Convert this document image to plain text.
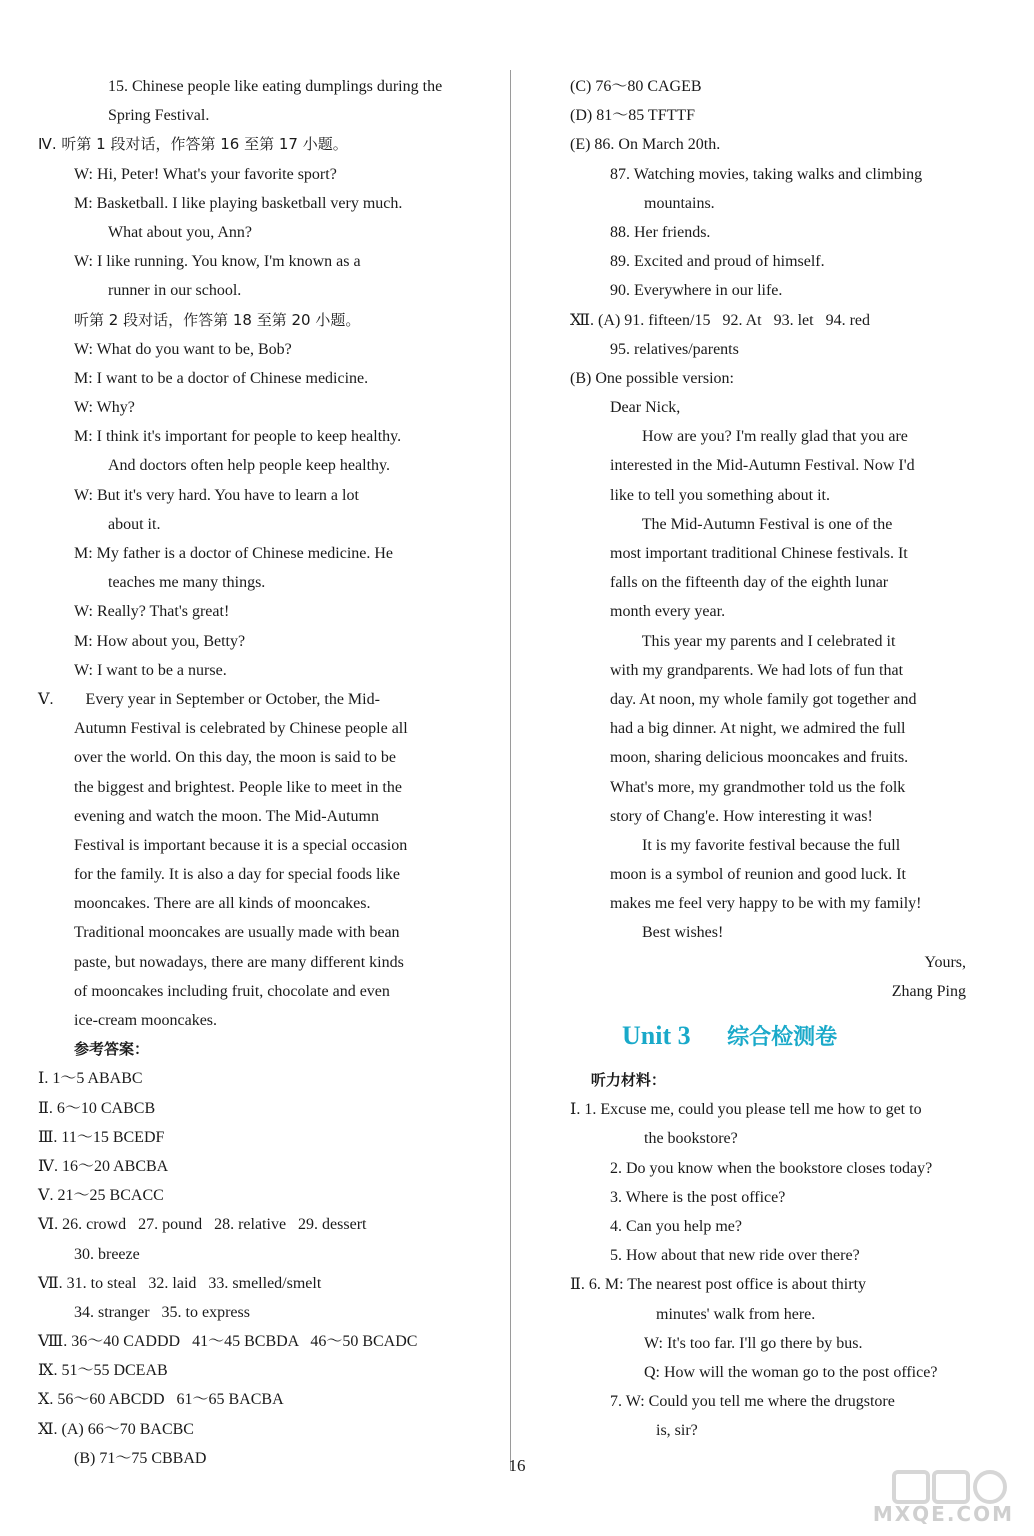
15. Chinese people like eating dumplings during the
Spring Festival.
Ⅳ. 听第 1 段对话，作答第 16 至第 17 小题。
W: Hi, Peter! What's your favorite sport?
M: Basketball. I like playing basketball very much.
What about you, Ann?
W: I like running. You know, I'm known as a
runner in our school.
听第 2 段对话，作答第 18 至第 20 小题。
W: What do you want to be, Bob?
M: I want to be a doctor of Chinese medicine.
W: Why?
M: I think it's important for people to keep healthy.
And doctors often help people keep healthy.
W: But it's very hard. You have to learn a lot
about it.
M: My father is a doctor of Chinese medicine. He
teaches me many things.
W: Really? That's great!
M: How about you, Betty?
W: I want to be a nurse.
Ⅴ.        Every year in September or October, the Mid-
Autumn Festival is celebrated by Chinese people all
over the world. On this day, the moon is said to be
the biggest and brightest. People like to meet in the
evening and watch the moon. The Mid-Autumn
Festival is important because it is a special occasion
for the family. It is also a day for special foods like
mooncakes. There are all kinds of mooncakes.
Traditional mooncakes are usually made with bean
paste, but nowadays, there are many different kinds
of mooncakes including fruit, chocolate and even
ice-cream mooncakes.
参考答案：
Ⅰ. 1～5 ABABC
Ⅱ. 6～10 CABCB
Ⅲ. 11～15 BCEDF
Ⅳ. 16～20 ABCBA
Ⅴ. 21～25 BCACC
Ⅵ. 26. crowd   27. pound   28. relative   29. dessert
30. breeze
Ⅶ. 31. to steal   32. laid   33. smelled/smelt
34. stranger   35. to express
Ⅷ. 36～40 CADDD   41～45 BCBDA   46～50 BCADC
Ⅸ. 51～55 DCEAB
Ⅹ. 56～60 ABCDD   61～65 BACBA
Ⅺ. (A) 66～70 BACBC
(B) 71～75 CBBAD
(C) 76～80 CAGEB
(D) 81～85 TFTTF
(E) 86. On March 20th.
87. Watching movies, taking walks and climbing
mountains.
88. Her friends.
89. Excited and proud of himself.
90. Everywhere in our life.
Ⅻ. (A) 91. fifteen/15   92. At   93. let   94. red
95. relatives/parents
(B) One possible version:
Dear Nick,
How are you? I'm really glad that you are
interested in the Mid-Autumn Festival. Now I'd
like to tell you something about it.
The Mid-Autumn Festival is one of the
most important traditional Chinese festivals. It
falls on the fifteenth day of the eighth lunar
month every year.
This year my parents and I celebrated it
with my grandparents. We had lots of fun that
day. At noon, my whole family got together and
had a big dinner. At night, we admired the full
moon, sharing delicious mooncakes and fruits.
What's more, my grandmother told us the folk
story of Chang'e. How interesting it was!
It is my favorite festival because the full
moon is a symbol of reunion and good luck. It
makes me feel very happy to be with my family!
Best wishes!
Yours,
Zhang Ping
Unit 3 综合检测卷
听力材料：
Ⅰ. 1. Excuse me, could you please tell me how to get to
the bookstore?
2. Do you know when the bookstore closes today?
3. Where is the post office?
4. Can you help me?
5. How about that new ride over there?
Ⅱ. 6. M: The nearest post office is about thirty
minutes' walk from here.
W: It's too far. I'll go there by bus.
Q: How will the woman go to the post office?
7. W: Could you tell me where the drugstore
is, sir?
16
MXQE.COM
